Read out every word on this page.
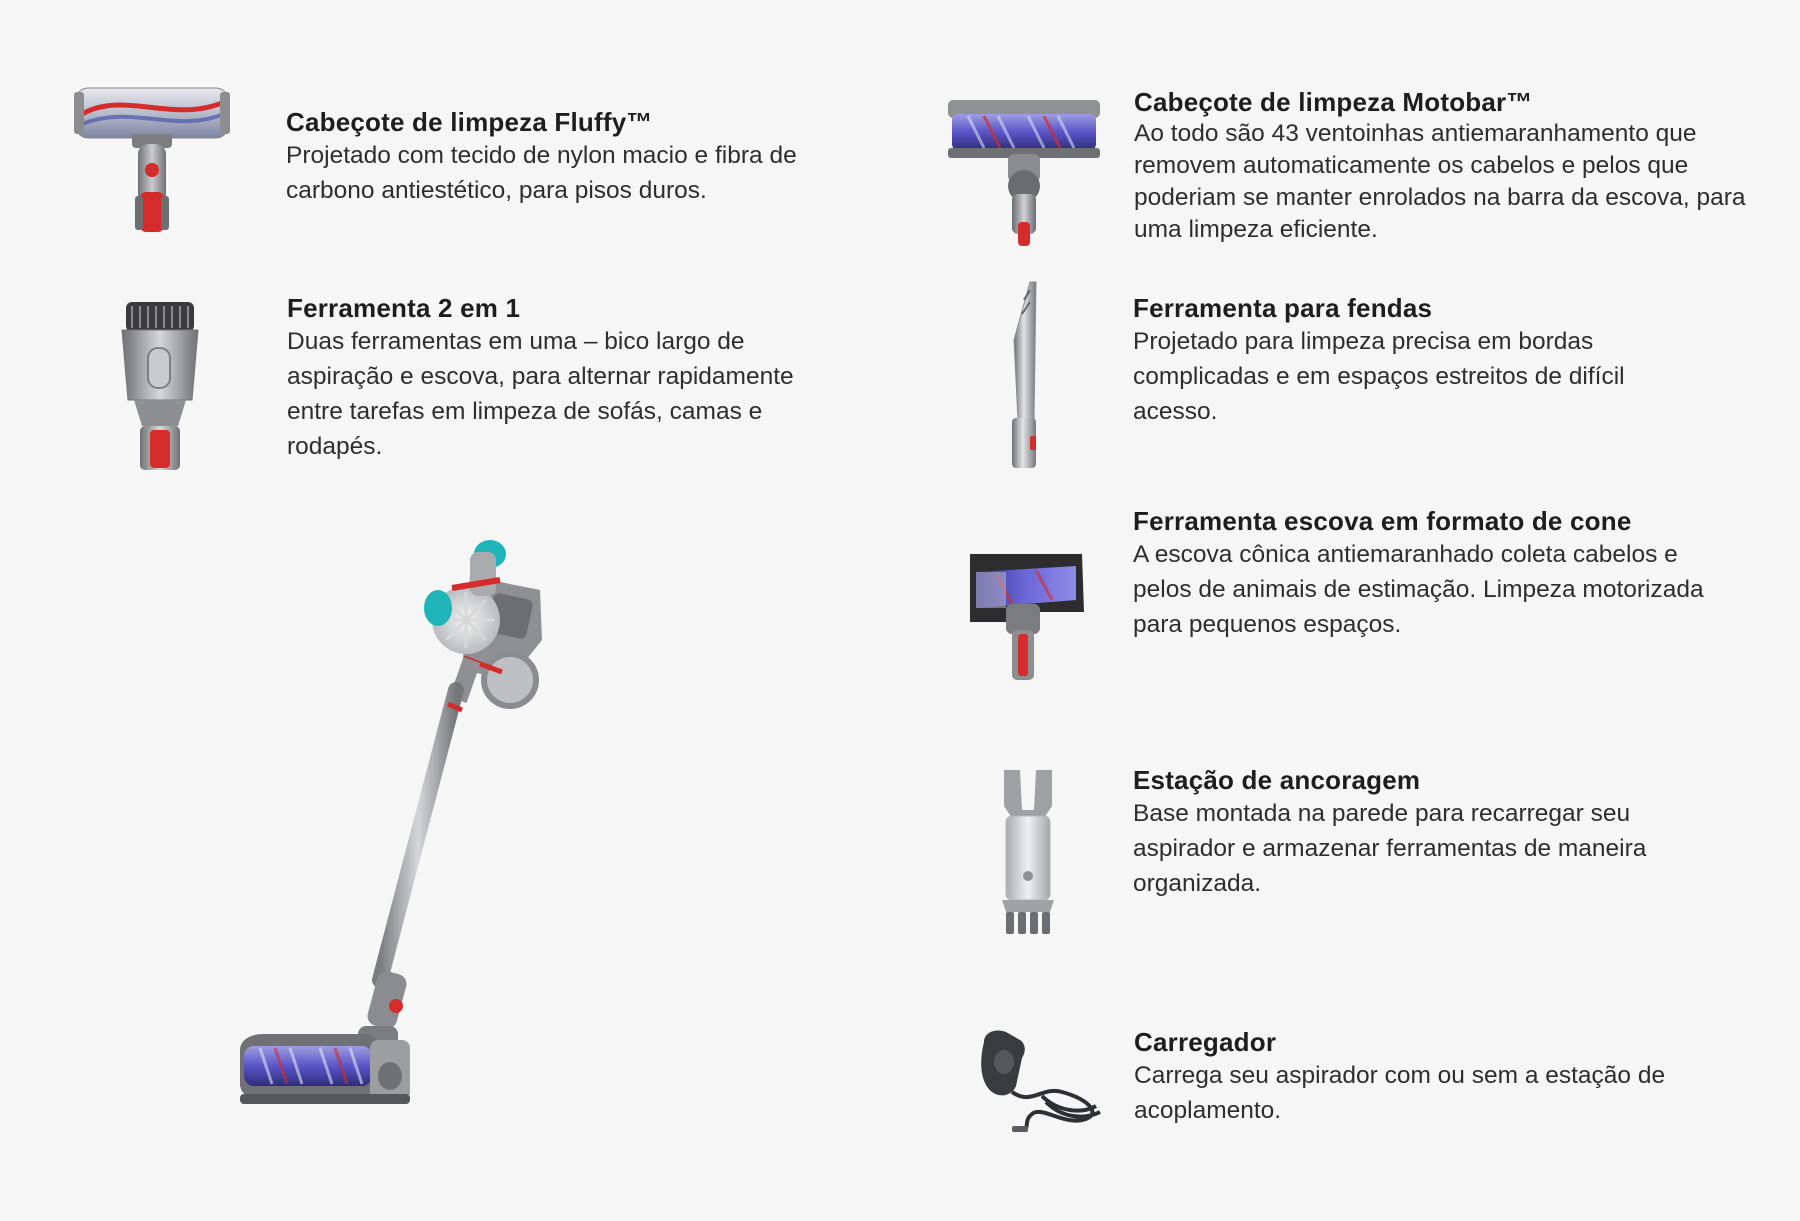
Cabeçote de limpeza Fluffy™
Projetado com tecido de nylon macio e fibra de carbono antiestético, para pisos duros.
Ferramenta 2 em 1
Duas ferramentas em uma – bico largo de aspiração e escova, para alternar rapidamente entre tarefas em limpeza de sofás, camas e rodapés.
Cabeçote de limpeza Motobar™
Ao todo são 43 ventoinhas antiemaranhamento que removem automaticamente os cabelos e pelos que poderiam se manter enrolados na barra da escova, para uma limpeza eficiente.
Ferramenta para fendas
Projetado para limpeza precisa em bordas complicadas e em espaços estreitos de difícil acesso.
Ferramenta escova em formato de cone
A escova cônica antiemaranhado coleta cabelos e pelos de animais de estimação. Limpeza motorizada para pequenos espaços.
Estação de ancoragem
Base montada na parede para recarregar seu aspirador e armazenar ferramentas de maneira organizada.
Carregador
Carrega seu aspirador com ou sem a estação de acoplamento.
